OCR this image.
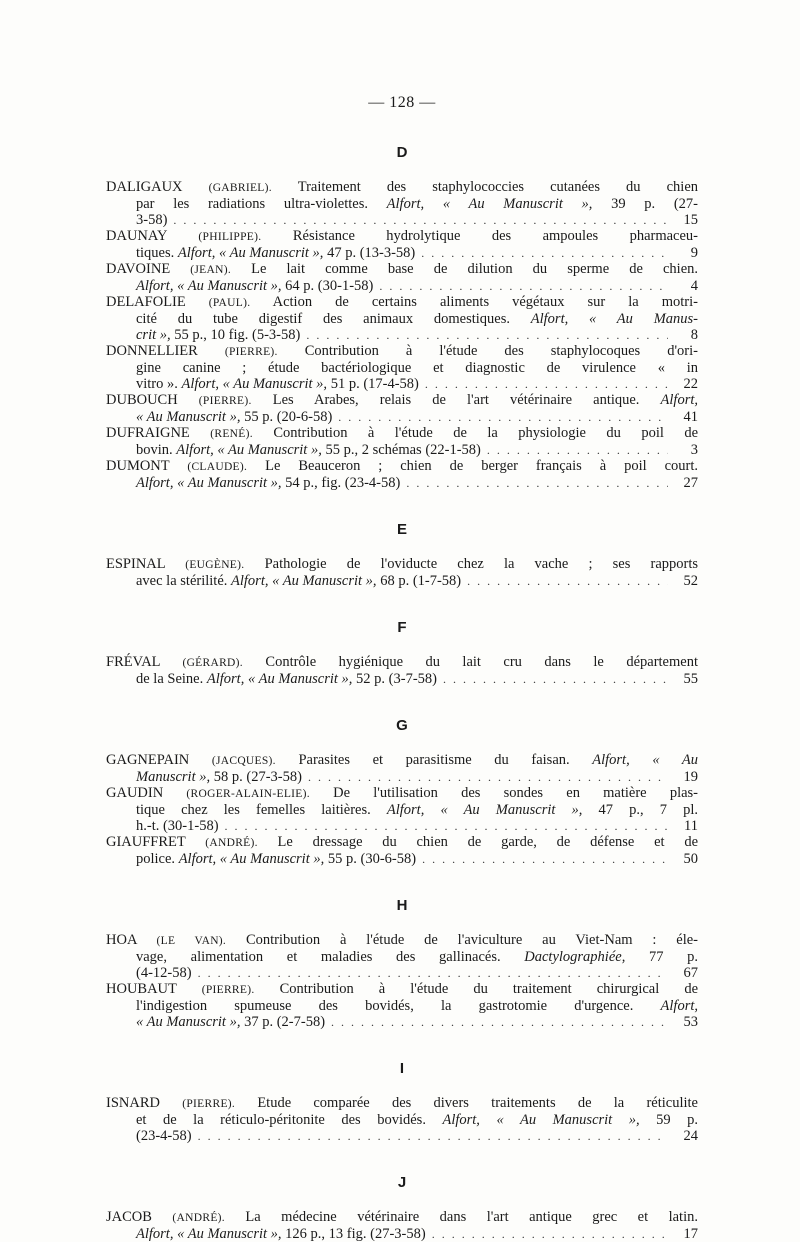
— 128 —
D
DALIGAUX (GABRIEL). Traitement des staphylococcies cutanées du chien
par les radiations ultra-violettes. Alfort, « Au Manuscrit », 39 p. (27-
3-58) . . .	15
DAUNAY (PHILIPPE). Résistance hydrolytique des ampoules pharmaceu-
tiques. Alfort, « Au Manuscrit », 47 p. (13-3-58) . . .	9
DAVOINE (JEAN). Le lait comme base de dilution du sperme de chien.
Alfort, « Au Manuscrit », 64 p. (30-1-58) . . .	4
DELAFOLIE (PAUL). Action de certains aliments végétaux sur la motri-
cité du tube digestif des animaux domestiques. Alfort, « Au Manus-
crit », 55 p., 10 fig. (5-3-58) . . .	8
DONNELLIER (PIERRE). Contribution à l'étude des staphylocoques d'ori-
gine canine ; étude bactériologique et diagnostic de virulence « in
vitro ». Alfort, « Au Manuscrit », 51 p. (17-4-58) . . .	22
DUBOUCH (PIERRE). Les Arabes, relais de l'art vétérinaire antique. Alfort,
« Au Manuscrit », 55 p. (20-6-58) . . .	41
DUFRAIGNE (RENÉ). Contribution à l'étude de la physiologie du poil de
bovin. Alfort, « Au Manuscrit », 55 p., 2 schémas (22-1-58) . . .	3
DUMONT (CLAUDE). Le Beauceron ; chien de berger français à poil court.
Alfort, « Au Manuscrit », 54 p., fig. (23-4-58) . . .	27
E
ESPINAL (EUGÈNE). Pathologie de l'oviducte chez la vache ; ses rapports
avec la stérilité. Alfort, « Au Manuscrit », 68 p. (1-7-58) . . .	52
F
FRÉVAL (GÉRARD). Contrôle hygiénique du lait cru dans le département
de la Seine. Alfort, « Au Manuscrit », 52 p. (3-7-58) . . .	55
G
GAGNEPAIN (JACQUES). Parasites et parasitisme du faisan. Alfort, « Au
Manuscrit », 58 p. (27-3-58) . . .	19
GAUDIN (ROGER-ALAIN-ELIE). De l'utilisation des sondes en matière plas-
tique chez les femelles laitières. Alfort, « Au Manuscrit », 47 p., 7 pl.
h.-t. (30-1-58) . . .	11
GIAUFFRET (ANDRÉ). Le dressage du chien de garde, de défense et de
police. Alfort, « Au Manuscrit », 55 p. (30-6-58) . . .	50
H
HOA (LE VAN). Contribution à l'étude de l'aviculture au Viet-Nam : éle-
vage, alimentation et maladies des gallinacés. Dactylographiée, 77 p.
(4-12-58) . . .	67
HOUBAUT (PIERRE). Contribution à l'étude du traitement chirurgical de
l'indigestion spumeuse des bovidés, la gastrotomie d'urgence. Alfort,
« Au Manuscrit », 37 p. (2-7-58) . . .	53
I
ISNARD (PIERRE). Etude comparée des divers traitements de la réticulite
et de la réticulo-péritonite des bovidés. Alfort, « Au Manuscrit », 59 p.
(23-4-58) . . .	24
J
JACOB (ANDRÉ). La médecine vétérinaire dans l'art antique grec et latin.
Alfort, « Au Manuscrit », 126 p., 13 fig. (27-3-58) . . .	17
